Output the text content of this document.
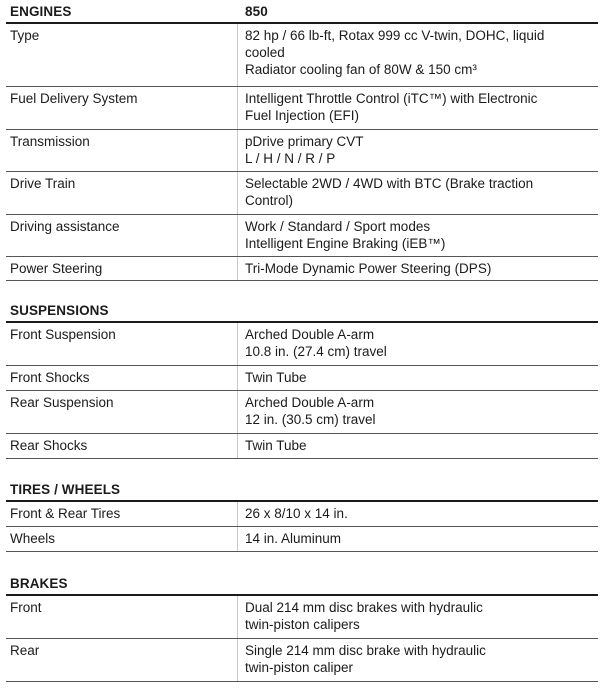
ENGINES	850
Type	82 hp / 66 lb-ft, Rotax 999 cc V-twin, DOHC, liquid
cooled
Radiator cooling fan of 80W & 150 cm³
Fuel Delivery System	Intelligent Throttle Control (iTC™) with Electronic
Fuel Injection (EFI)
Transmission	pDrive primary CVT
L / H / N / R / P
Drive Train	Selectable 2WD / 4WD with BTC (Brake traction
Control)
Driving assistance	Work / Standard / Sport modes
Intelligent Engine Braking (iEB™)
Power Steering	Tri-Mode Dynamic Power Steering (DPS)
SUSPENSIONS
Front Suspension	Arched Double A-arm
10.8 in. (27.4 cm) travel
Front Shocks	Twin Tube
Rear Suspension	Arched Double A-arm
12 in. (30.5 cm) travel
Rear Shocks	Twin Tube
TIRES / WHEELS
Front & Rear Tires	26 x 8/10 x 14 in.
Wheels	14 in. Aluminum
BRAKES
Front	Dual 214 mm disc brakes with hydraulic
twin-piston calipers
Rear	Single 214 mm disc brake with hydraulic
twin-piston caliper
